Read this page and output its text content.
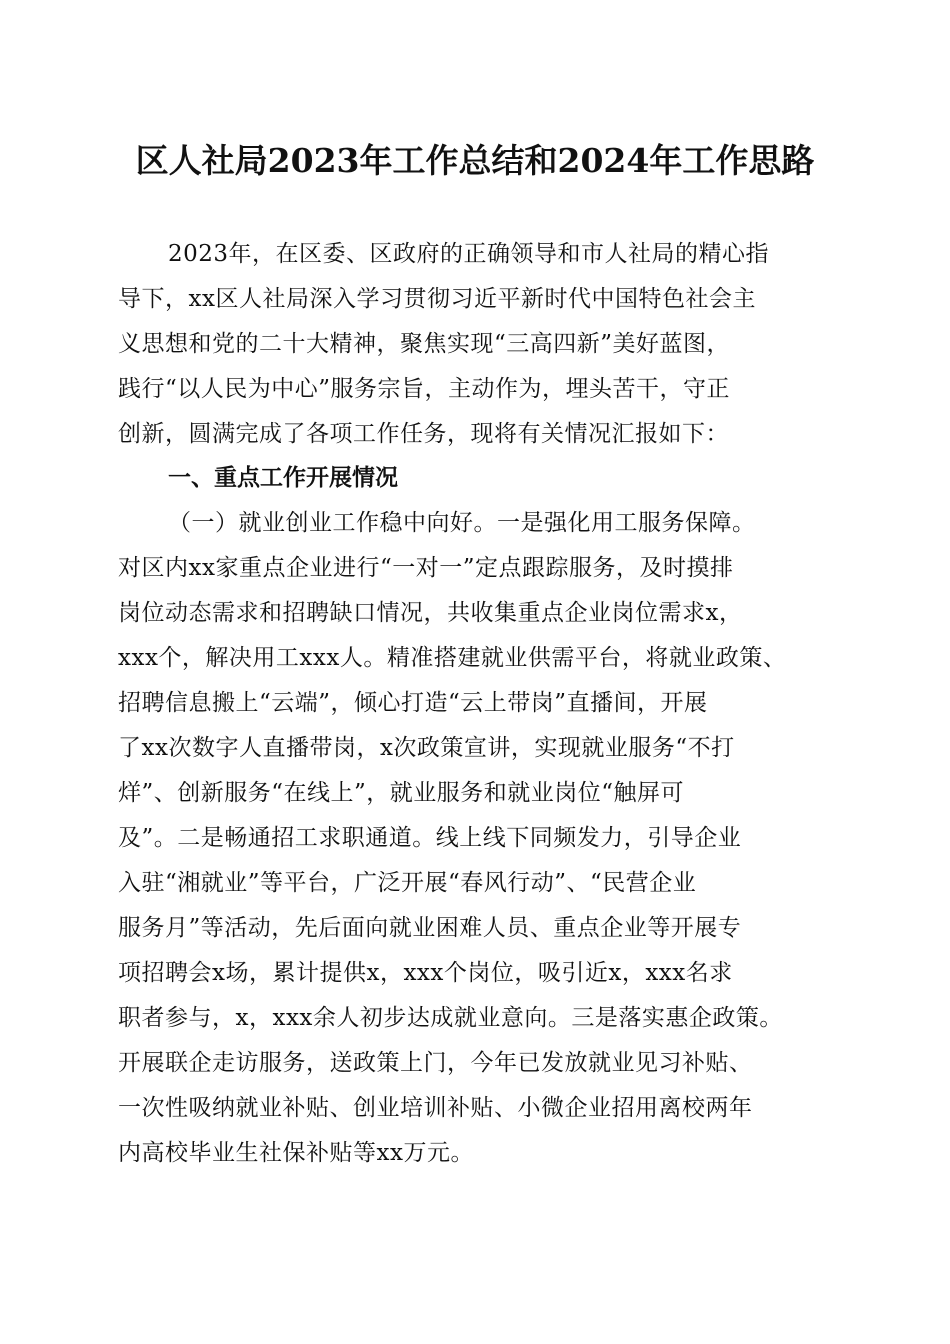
区人社局2023年工作总结和2024年工作思路
2023年，在区委、区政府的正确领导和市人社局的精心指
导下，xx区人社局深入学习贯彻习近平新时代中国特色社会主
义思想和党的二十大精神，聚焦实现“三高四新”美好蓝图，
践行“以人民为中心”服务宗旨，主动作为，埋头苦干，守正
创新，圆满完成了各项工作任务，现将有关情况汇报如下：
一、重点工作开展情况
（一）就业创业工作稳中向好。一是强化用工服务保障。
对区内xx家重点企业进行“一对一”定点跟踪服务，及时摸排
岗位动态需求和招聘缺口情况，共收集重点企业岗位需求x，
xxx个，解决用工xxx人。精准搭建就业供需平台，将就业政策、
招聘信息搬上“云端”，倾心打造“云上带岗”直播间，开展
了xx次数字人直播带岗，x次政策宣讲，实现就业服务“不打
烊”、创新服务“在线上”，就业服务和就业岗位“触屏可
及”。二是畅通招工求职通道。线上线下同频发力，引导企业
入驻“湘就业”等平台，广泛开展“春风行动”、“民营企业
服务月”等活动，先后面向就业困难人员、重点企业等开展专
项招聘会x场，累计提供x，xxx个岗位，吸引近x，xxx名求
职者参与，x，xxx余人初步达成就业意向。三是落实惠企政策。
开展联企走访服务，送政策上门，今年已发放就业见习补贴、
一次性吸纳就业补贴、创业培训补贴、小微企业招用离校两年
内高校毕业生社保补贴等xx万元。
